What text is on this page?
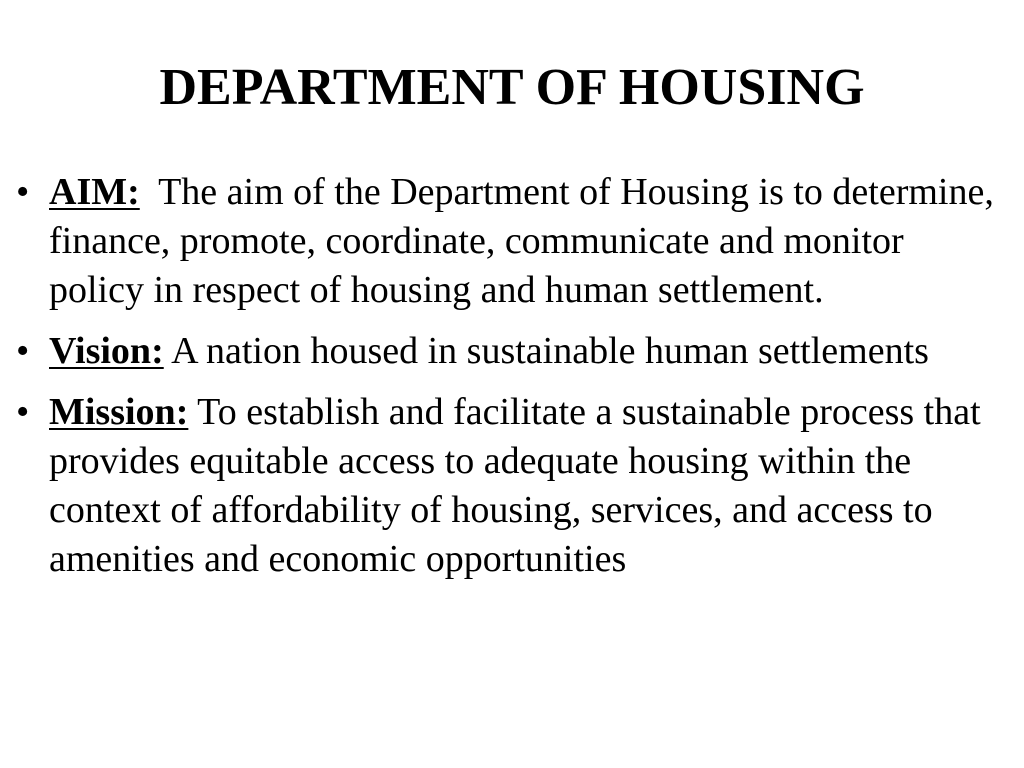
DEPARTMENT OF HOUSING
• AIM:  The aim of the Department of Housing is to determine, finance, promote, coordinate, communicate and monitor policy in respect of housing and human settlement.
• Vision: A nation housed in sustainable human settlements
• Mission: To establish and facilitate a sustainable process that provides equitable access to adequate housing within the context of affordability of housing, services, and access to amenities and economic opportunities
